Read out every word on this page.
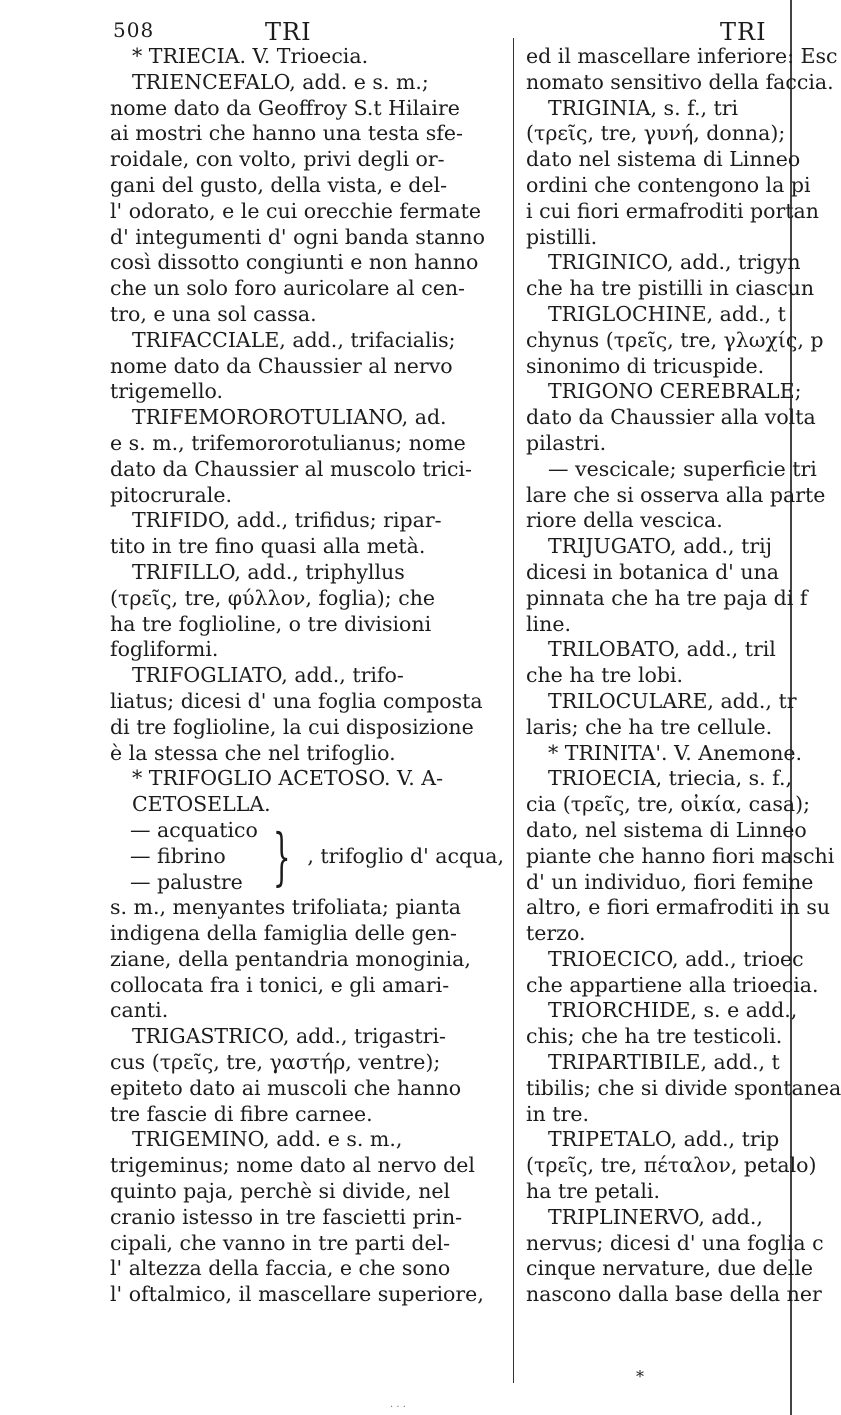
508	TRI	TRI
* TRIECIA. V. Trioecia.
TRIENCEFALO, add. e s. m.;
nome dato da Geoffroy S.t Hilaire
ai mostri che hanno una testa sfe-
roidale, con volto, privi degli or-
gani del gusto, della vista, e del-
l' odorato, e le cui orecchie fermate
d' integumenti d' ogni banda stanno
così dissotto congiunti e non hanno
che un solo foro auricolare al cen-
tro, e una sol cassa.
TRIFACCIALE, add., trifacialis;
nome dato da Chaussier al nervo
trigemello.
TRIFEMOROROTULIANO, ad.
e s. m., trifemororotulianus; nome
dato da Chaussier al muscolo trici-
pitocrurale.
TRIFIDO, add., trifidus; ripar-
tito in tre fino quasi alla metà.
TRIFILLO, add., triphyllus
(τρεῖς, tre, φύλλον, foglia); che
ha tre foglioline, o tre divisioni
fogliformi.
TRIFOGLIATO, add., trifo-
liatus; dicesi d' una foglia composta
di tre foglioline, la cui disposizione
è la stessa che nel trifoglio.
* TRIFOGLIO ACETOSO. V. A-
CETOSELLA.
— acquatico
— fibrino
— palustre } , trifoglio d' acqua,
s. m., menyantes trifoliata; pianta
indigena della famiglia delle gen-
ziane, della pentandria monoginia,
collocata fra i tonici, e gli amari-
canti.
TRIGASTRICO, add., trigastri-
cus (τρεῖς, tre, γαστήρ, ventre);
epiteto dato ai muscoli che hanno
tre fascie di fibre carnee.
TRIGEMINO, add. e s. m.,
trigeminus; nome dato al nervo del
quinto paja, perchè si divide, nel
cranio istesso in tre fascietti prin-
cipali, che vanno in tre parti del-
l' altezza della faccia, e che sono
l' oftalmico, il mascellare superiore,
ed il mascellare inferiore: Esc
nomato sensitivo della faccia.
TRIGINIA, s. f., tri
(τρεῖς, tre, γυνή, donna);
dato nel sistema di Linneo
ordini che contengono la pi
i cui fiori ermafroditi portan
pistilli.
TRIGINICO, add., trigyn
che ha tre pistilli in ciascun
TRIGLOCHINE, add., t
chynus (τρεῖς, tre, γλωχίς, p
sinonimo di tricuspide.
TRIGONO CEREBRALE;
dato da Chaussier alla volta
pilastri.
— vescicale; superficie tri
lare che si osserva alla parte
riore della vescica.
TRIJUGATO, add., trij
dicesi in botanica d' una
pinnata che ha tre paja di f
line.
TRILOBATO, add., tril
che ha tre lobi.
TRILOCULARE, add., tr
laris; che ha tre cellule.
* TRINITA'. V. Anemone.
TRIOECIA, triecia, s. f.,
cia (τρεῖς, tre, οἰκία, casa);
dato, nel sistema di Linneo
piante che hanno fiori maschi
d' un individuo, fiori femine
altro, e fiori ermafroditi in su
terzo.
TRIOECICO, add., trioec
che appartiene alla trioecia.
TRIORCHIDE, s. e add.,
chis; che ha tre testicoli.
TRIPARTIBILE, add., t
tibilis; che si divide spontanea
in tre.
TRIPETALO, add., trip
(τρεῖς, tre, πέταλον, petalo)
ha tre petali.
TRIPLINERVO, add.,
nervus; dicesi d' una foglia c
cinque nervature, due delle
nascono dalla base della ner
*
· · ·
